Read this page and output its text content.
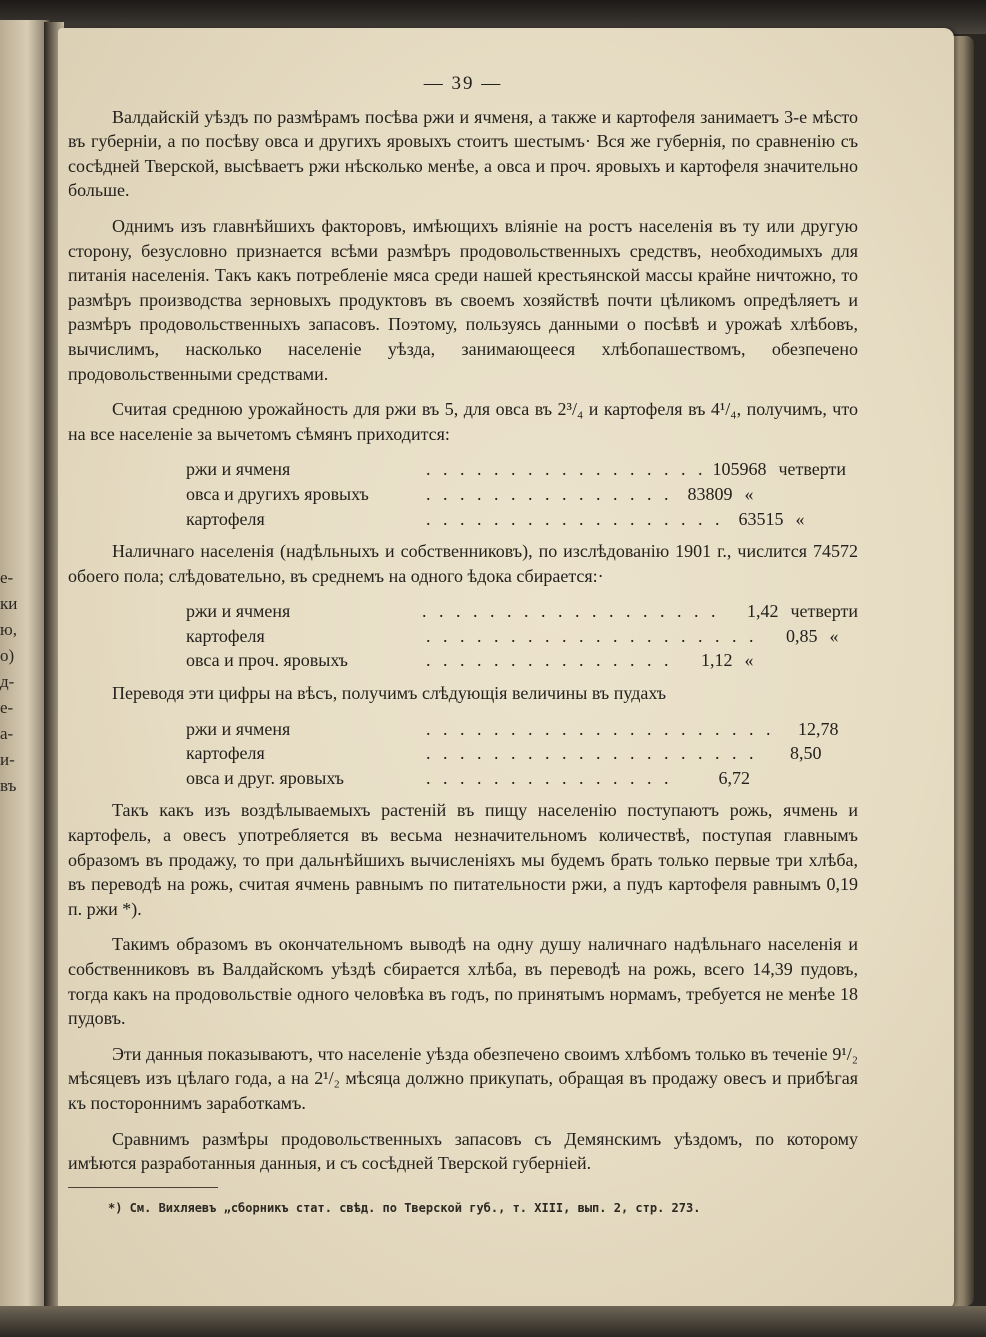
е-
ки
ю,
о)
д-
е-
а-
и-
въ
— 39 —

Валдайскій уѣздъ по размѣрамъ посѣва ржи и ячменя, а также и картофеля занимаетъ 3-е мѣсто въ губерніи, а по посѣву овса и другихъ яровыхъ стоитъ шестымъ· Вся же губернія, по сравненію съ сосѣдней Тверской, высѣваетъ ржи нѣсколько менѣе, а овса и проч. яровыхъ и картофеля значительно больше.

Однимъ изъ главнѣйшихъ факторовъ, имѣющихъ вліяніе на ростъ населенія въ ту или другую сторону, безусловно признается всѣми размѣръ продовольственныхъ средствъ, необходимыхъ для питанія населенія. Такъ какъ потребленіе мяса среди нашей крестьянской массы крайне ничтожно, то размѣръ производства зерновыхъ продуктовъ въ своемъ хозяйствѣ почти цѣликомъ опредѣляетъ и размѣръ продовольственныхъ запасовъ. Поэтому, пользуясь данными о посѣвѣ и урожаѣ хлѣбовъ, вычислимъ, насколько населеніе уѣзда, занимающееся хлѣбопашествомъ, обезпечено продовольственными средствами.

Считая среднюю урожайность для ржи въ 5, для овса въ 2³/₄ и картофеля въ 4¹/₄, получимъ, что на все населеніе за вычетомъ сѣмянъ приходится:

ржи и ячменя	. . . . . . . . . . . . . . . . . 105968 четверти
овса и другихъ яровыхъ	. . . . . . . . . . . . . . . 83809 «
картофеля	. . . . . . . . . . . . . . . . . . 63515 «

Наличнаго населенія (надѣльныхъ и собственниковъ), по изслѣдованію 1901 г., числится 74572 обоего пола; слѣдовательно, въ среднемъ на одного ѣдока сбирается:·

ржи и ячменя	. . . . . . . . . . . . . . . . . .	1,42 четверти
картофеля	. . . . . . . . . . . . . . . . . . . .	0,85 «
овса и проч. яровыхъ	. . . . . . . . . . . . . . .	1,12 «

Переводя эти цифры на вѣсъ, получимъ слѣдующія величины въ пудахъ

ржи и ячменя	. . . . . . . . . . . . . . . . . . . . .	12,78
картофеля	. . . . . . . . . . . . . . . . . . . .	8,50
овса и друг. яровыхъ	. . . . . . . . . . . . . . .	6,72

Такъ какъ изъ воздѣлываемыхъ растеній въ пищу населенію поступаютъ рожь, ячмень и картофель, а овесъ употребляется въ весьма незначительномъ количествѣ, поступая главнымъ образомъ въ продажу, то при дальнѣйшихъ вычисленіяхъ мы будемъ брать только первые три хлѣба, въ переводѣ на рожь, считая ячмень равнымъ по питательности ржи, а пудъ картофеля равнымъ 0,19 п. ржи *).

Такимъ образомъ въ окончательномъ выводѣ на одну душу наличнаго надѣльнаго населенія и собственниковъ въ Валдайскомъ уѣздѣ сбирается хлѣба, въ переводѣ на рожь, всего 14,39 пудовъ, тогда какъ на продовольствіе одного человѣка въ годъ, по принятымъ нормамъ, требуется не менѣе 18 пудовъ.

Эти данныя показываютъ, что населеніе уѣзда обезпечено своимъ хлѣбомъ только въ теченіе 9¹/₂ мѣсяцевъ изъ цѣлаго года, а на 2¹/₂ мѣсяца должно прикупать, обращая въ продажу овесъ и прибѣгая къ постороннимъ заработкамъ.

Сравнимъ размѣры продовольственныхъ запасовъ съ Демянскимъ уѣздомъ, по которому имѣются разработанныя данныя, и съ сосѣдней Тверской губерніей.

*) См. Вихляевъ „сборникъ стат. свѣд. по Тверской губ., т. XIII, вып. 2, стр. 273.
